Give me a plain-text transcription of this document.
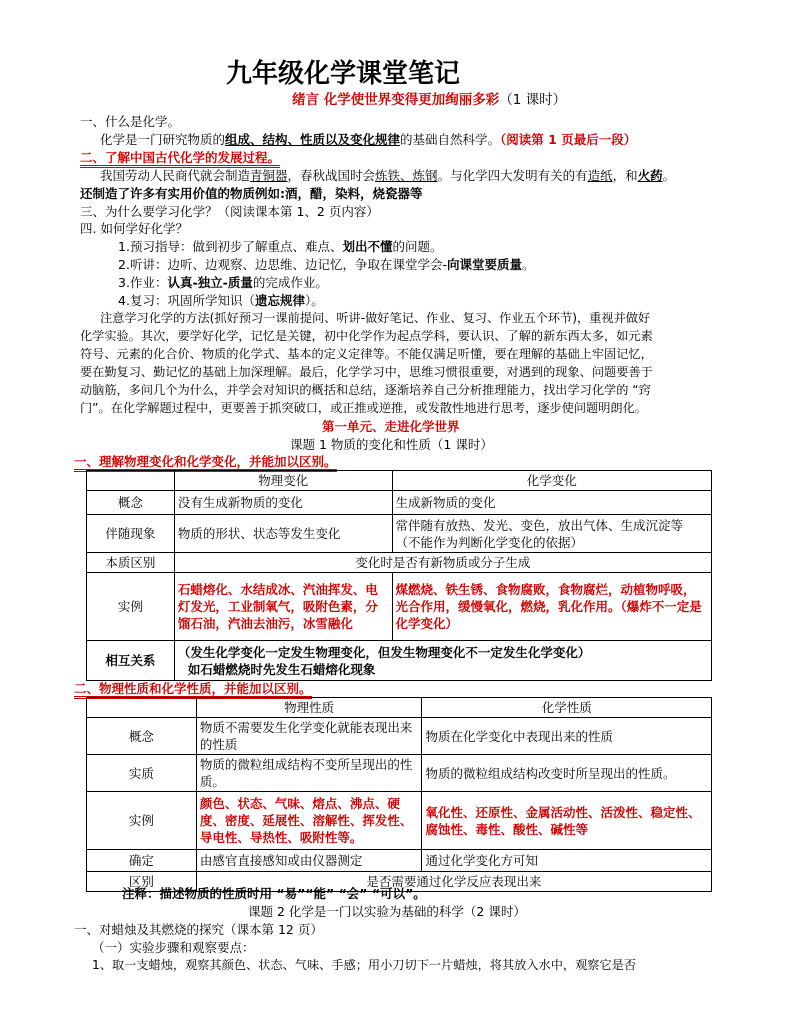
九年级化学课堂笔记
绪言 化学使世界变得更加绚丽多彩（1 课时）
一、什么是化学。
化学是一门研究物质的组成、结构、性质以及变化规律的基础自然科学。（阅读第 1 页最后一段）
二、了解中国古代化学的发展过程。
我国劳动人民商代就会制造青铜器，春秋战国时会炼铁、炼钢。与化学四大发明有关的有造纸，和火药。
还制造了许多有实用价值的物质例如:酒，醋，染料，烧瓷器等
三、为什么要学习化学？（阅读课本第 1、2 页内容）
四. 如何学好化学？
1.预习指导：做到初步了解重点、难点、划出不懂的问题。
2.听讲：边听、边观察、边思维、边记忆，争取在课堂学会-向课堂要质量。
3.作业：认真-独立-质量的完成作业。
4.复习：巩固所学知识（遗忘规律）。
注意学习化学的方法(抓好预习一课前提问、听讲-做好笔记、作业、复习、作业五个环节)，重视并做好
化学实验。其次，要学好化学，记忆是关键，初中化学作为起点学科，要认识、了解的新东西太多，如元素
符号、元素的化合价、物质的化学式、基本的定义定律等。不能仅满足听懂，要在理解的基础上牢固记忆，
要在勤复习、勤记忆的基础上加深理解。最后，化学学习中，思维习惯很重要，对遇到的现象、问题要善于
动脑筋，多问几个为什么，并学会对知识的概括和总结，逐渐培养自己分析推理能力，找出学习化学的 “窍
门”。在化学解题过程中，更要善于抓突破口，或正推或逆推，或发散性地进行思考，逐步使问题明朗化。
第一单元、走进化学世界
课题 1 物质的变化和性质（1 课时）
一、理解物理变化和化学变化，并能加以区别。
	物理变化	化学变化
概念	没有生成新物质的变化	生成新物质的变化
伴随现象	物质的形状、状态等发生变化	常伴随有放热、发光、变色，放出气体、生成沉淀等（不能作为判断化学变化的依据）
本质区别	变化时是否有新物质或分子生成	
实例	石蜡熔化、水结成冰、汽油挥发、电灯发光，工业制氧气，吸附色素，分馏石油，汽油去油污，冰雪融化	煤燃烧、铁生锈、食物腐败，食物腐烂，动植物呼吸，光合作用，缓慢氧化，燃烧，乳化作用。（爆炸不一定是化学变化）
相互关系	（发生化学变化一定发生物理变化，但发生物理变化不一定发生化学变化）
如石蜡燃烧时先发生石蜡熔化现象	
二、物理性质和化学性质，并能加以区别。
	物理性质	化学性质
概念	物质不需要发生化学变化就能表现出来的性质	物质在化学变化中表现出来的性质
实质	物质的微粒组成结构不变所呈现出的性质。	物质的微粒组成结构改变时所呈现出的性质。
实例	颜色、状态、气味、熔点、沸点、硬度、密度、延展性、溶解性、挥发性、导电性、导热性、吸附性等。	氧化性、还原性、金属活动性、活泼性、稳定性、腐蚀性、毒性、酸性、碱性等
确定	由感官直接感知或由仪器测定	通过化学变化方可知
区别	是否需要通过化学反应表现出来	
注释：描述物质的性质时用 “易”“能” “会” “可以”。
课题 2 化学是一门以实验为基础的科学（2 课时）
一、对蜡烛及其燃烧的探究（课本第 12 页）
（一）实验步骤和观察要点：
1、取一支蜡烛，观察其颜色、状态、气味、手感；用小刀切下一片蜡烛，将其放入水中，观察它是否
